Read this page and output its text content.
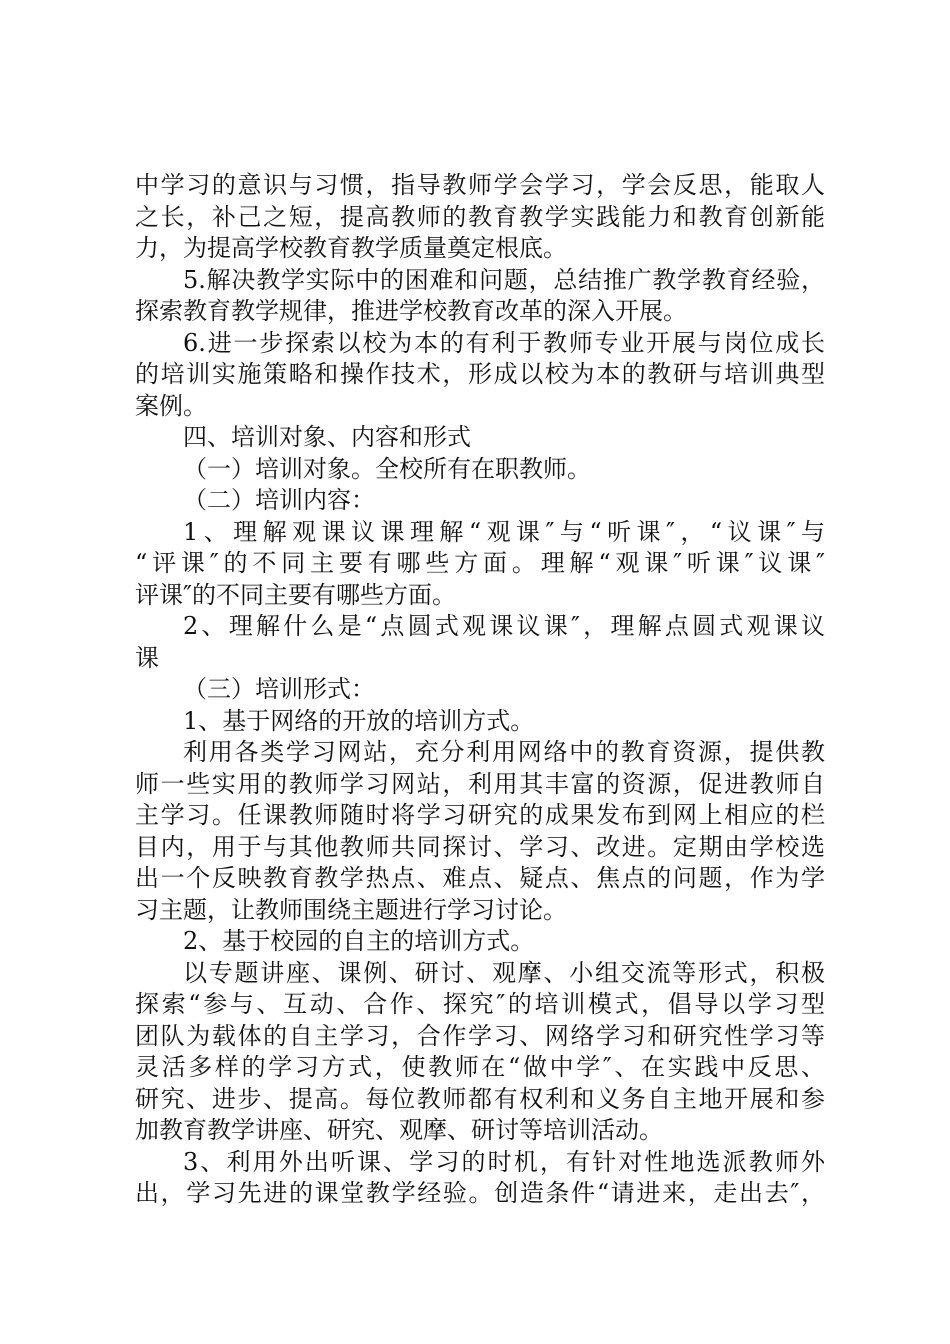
中学习的意识与习惯，指导教师学会学习，学会反思，能取人
之长，补己之短，提高教师的教育教学实践能力和教育创新能
力，为提高学校教育教学质量奠定根底。
5.解决教学实际中的困难和问题，总结推广教学教育经验，
探索教育教学规律，推进学校教育改革的深入开展。
6.进一步探索以校为本的有利于教师专业开展与岗位成长
的培训实施策略和操作技术，形成以校为本的教研与培训典型
案例。
四、培训对象、内容和形式
（一）培训对象。全校所有在职教师。
（二）培训内容：
1、理解观课议课理解“观课″与“听课″，“议课″与
“评课″的不同主要有哪些方面。理解“观课″听课″议课″
评课″的不同主要有哪些方面。
2、理解什么是“点圆式观课议课″，理解点圆式观课议
课
（三）培训形式：
1、基于网络的开放的培训方式。
利用各类学习网站，充分利用网络中的教育资源，提供教
师一些实用的教师学习网站，利用其丰富的资源，促进教师自
主学习。任课教师随时将学习研究的成果发布到网上相应的栏
目内，用于与其他教师共同探讨、学习、改进。定期由学校选
出一个反映教育教学热点、难点、疑点、焦点的问题，作为学
习主题，让教师围绕主题进行学习讨论。
2、基于校园的自主的培训方式。
以专题讲座、课例、研讨、观摩、小组交流等形式，积极
探索“参与、互动、合作、探究″的培训模式，倡导以学习型
团队为载体的自主学习，合作学习、网络学习和研究性学习等
灵活多样的学习方式，使教师在“做中学″、在实践中反思、
研究、进步、提高。每位教师都有权利和义务自主地开展和参
加教育教学讲座、研究、观摩、研讨等培训活动。
3、利用外出听课、学习的时机，有针对性地选派教师外
出，学习先进的课堂教学经验。创造条件“请进来，走出去″，
